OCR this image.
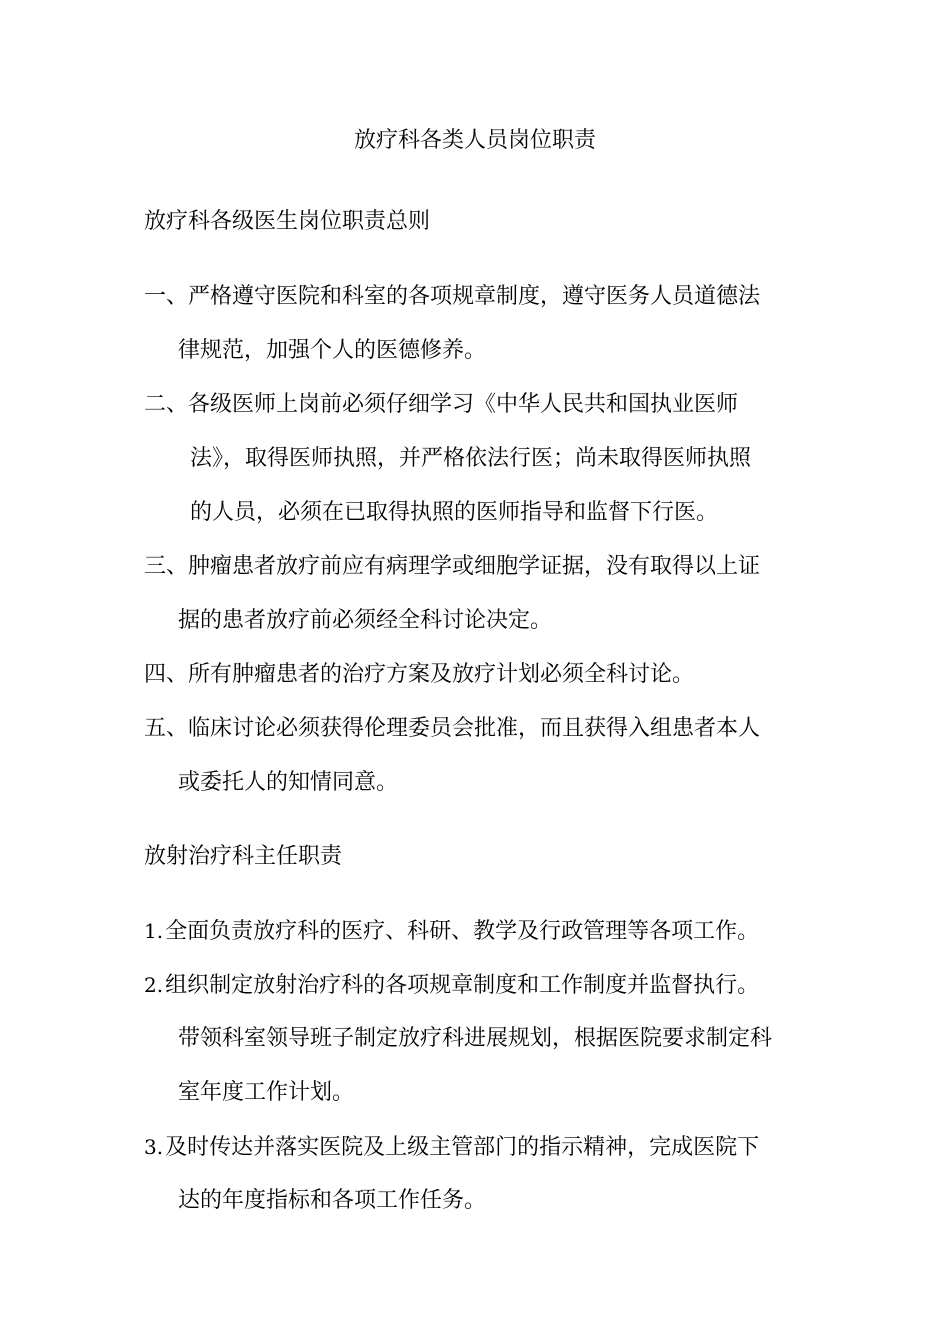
放疗科各类人员岗位职责
放疗科各级医生岗位职责总则

一、严格遵守医院和科室的各项规章制度，遵守医务人员道德法

律规范，加强个人的医德修养。

二、各级医师上岗前必须仔细学习《中华人民共和国执业医师

法》，取得医师执照，并严格依法行医；尚未取得医师执照

的人员，必须在已取得执照的医师指导和监督下行医。

三、肿瘤患者放疗前应有病理学或细胞学证据，没有取得以上证

据的患者放疗前必须经全科讨论决定。

四、所有肿瘤患者的治疗方案及放疗计划必须全科讨论。

五、临床讨论必须获得伦理委员会批准，而且获得入组患者本人

或委托人的知情同意。

放射治疗科主任职责

1.全面负责放疗科的医疗、科研、教学及行政管理等各项工作。

2.组织制定放射治疗科的各项规章制度和工作制度并监督执行。

带领科室领导班子制定放疗科进展规划，根据医院要求制定科

室年度工作计划。

3.及时传达并落实医院及上级主管部门的指示精神，完成医院下

达的年度指标和各项工作任务。
